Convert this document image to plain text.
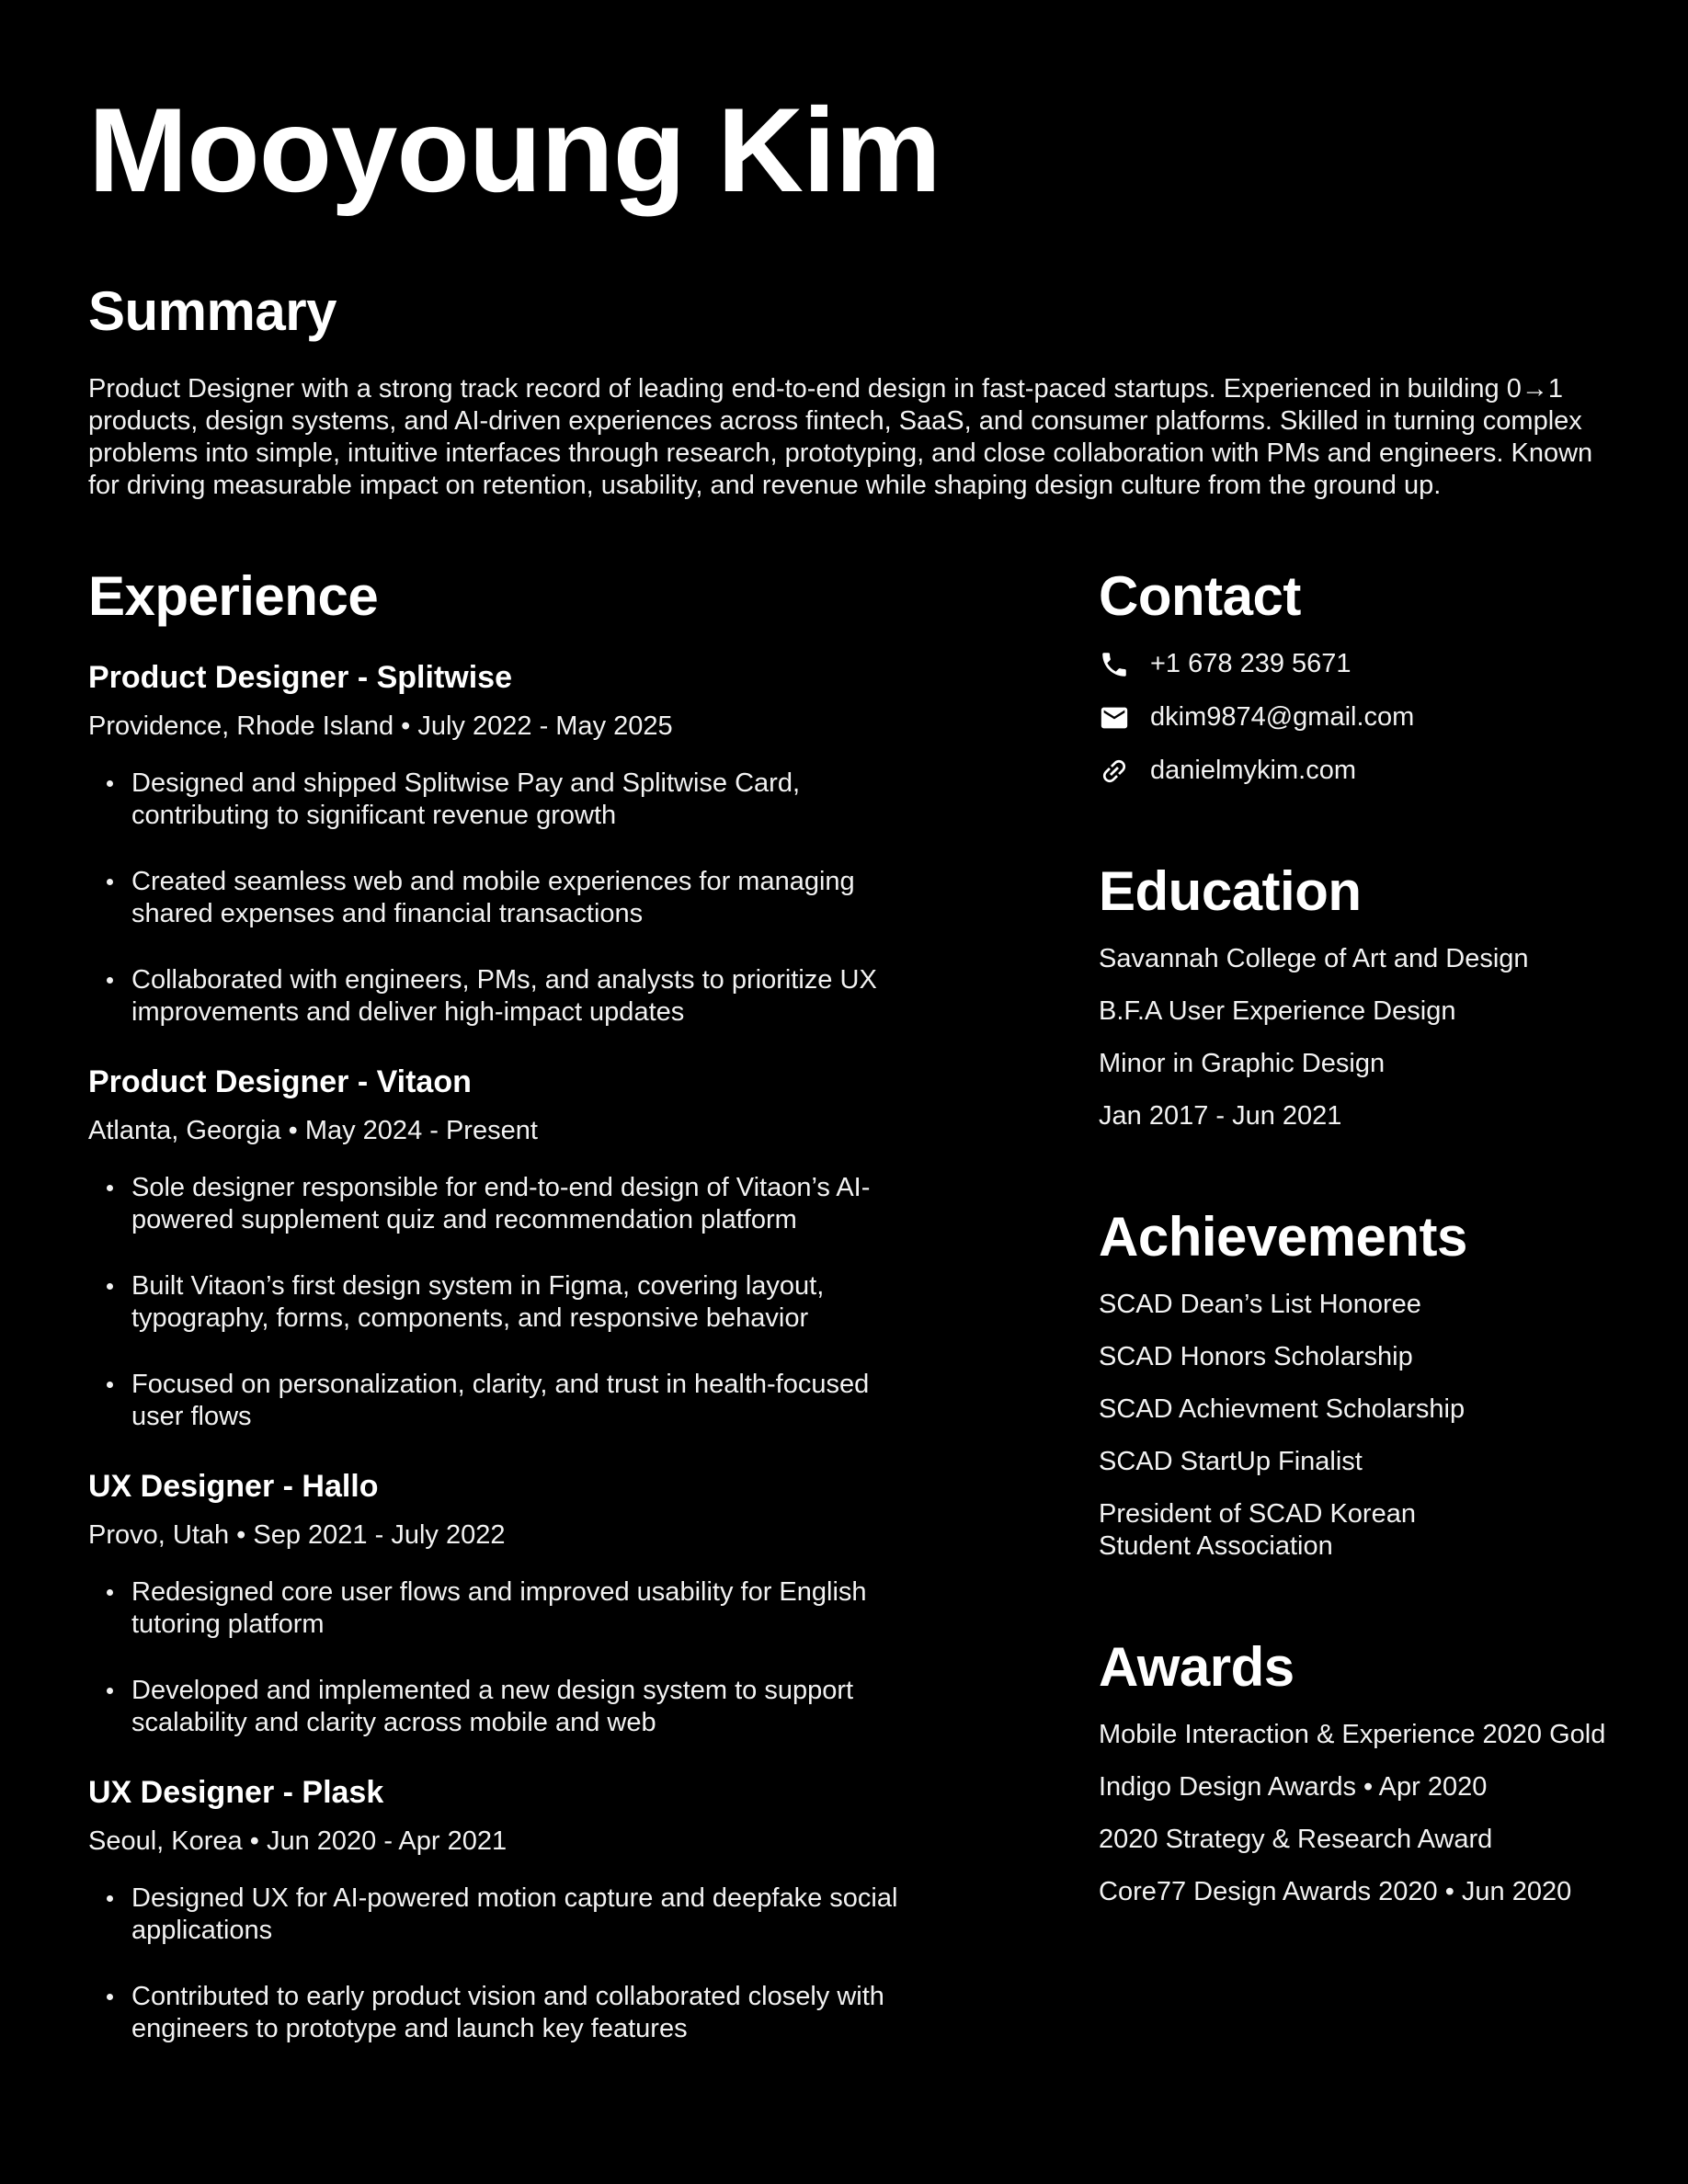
Mooyoung Kim
Summary

Product Designer with a strong track record of leading end-to-end design in fast-paced startups. Experienced in building 0→1 products, design systems, and AI-driven experiences across fintech, SaaS, and consumer platforms. Skilled in turning complex problems into simple, intuitive interfaces through research, prototyping, and close collaboration with PMs and engineers. Known for driving measurable impact on retention, usability, and revenue while shaping design culture from the ground up.

Experience
Product Designer - Splitwise
Providence, Rhode Island • July 2022 - May 2025
Designed and shipped Splitwise Pay and Splitwise Card, contributing to significant revenue growth
Created seamless web and mobile experiences for managing shared expenses and financial transactions
Collaborated with engineers, PMs, and analysts to prioritize UX improvements and deliver high-impact updates
Product Designer - Vitaon
Atlanta, Georgia • May 2024 - Present
Sole designer responsible for end-to-end design of Vitaon’s AI-powered supplement quiz and recommendation platform
Built Vitaon’s first design system in Figma, covering layout, typography, forms, components, and responsive behavior
Focused on personalization, clarity, and trust in health-focused user flows
UX Designer - Hallo
Provo, Utah • Sep 2021 - July 2022
Redesigned core user flows and improved usability for English tutoring platform
Developed and implemented a new design system to support scalability and clarity across mobile and web
UX Designer - Plask
Seoul, Korea • Jun 2020 - Apr 2021
Designed UX for AI-powered motion capture and deepfake social applications
Contributed to early product vision and collaborated closely with engineers to prototype and launch key features
Contact
+1 678 239 5671
dkim9874@gmail.com
danielmykim.com
Education

Savannah College of Art and Design

B.F.A User Experience Design

Minor in Graphic Design

Jan 2017 - Jun 2021

Achievements

SCAD Dean’s List Honoree

SCAD Honors Scholarship

SCAD Achievment Scholarship

SCAD StartUp Finalist

President of SCAD Korean Student Association

Awards

Mobile Interaction & Experience 2020 Gold

Indigo Design Awards • Apr 2020

2020 Strategy & Research Award

Core77 Design Awards 2020 • Jun 2020
